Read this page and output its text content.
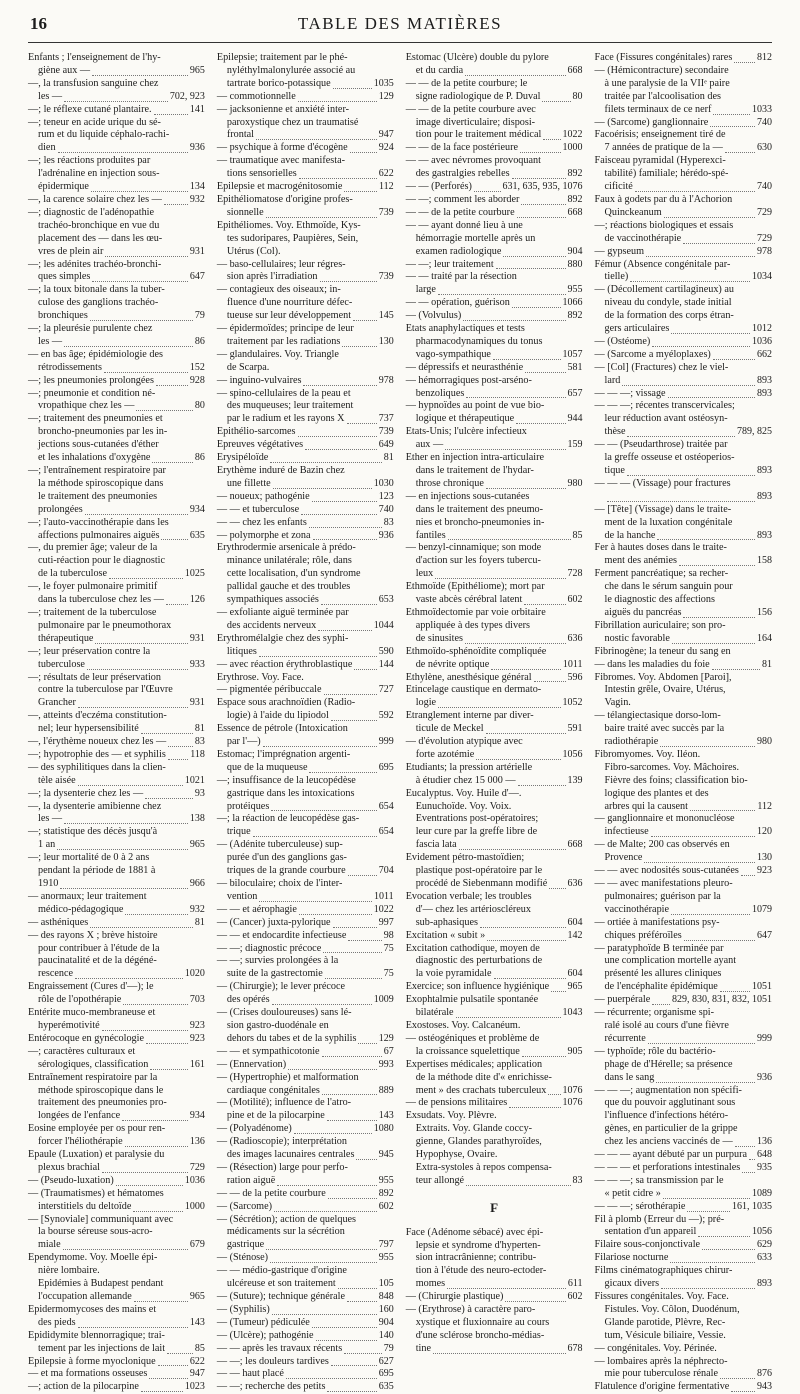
16	TABLE DES MATIÈRES
Enfants ; l'enseignement de l'hy-
giène aux —	965
—, la transfusion sanguine chez
les —	702, 923
—; le réflexe cutané plantaire.	141
—; teneur en acide urique du sé-
rum et du liquide céphalo-rachi-
dien	936
—; les réactions produites par
l'adrénaline en injection sous-
épidermique	134
—, la carence solaire chez les —	932
—; diagnostic de l'adénopathie
trachéo-bronchique en vue du
placement des — dans les œu-
vres de plein air	931
—; les adénites trachéo-bronchi-
ques simples	647
—; la toux bitonale dans la tuber-
culose des ganglions trachéo-
bronchiques	79
—; la pleurésie purulente chez
les —	86
— en bas âge; épidémiologie des
rétrodissements	152
—; les pneumonies prolongées	928
—; pneumonie et condition né-
vropathique chez les —	80
—; traitement des pneumonies et
broncho-pneumonies par les in-
jections sous-cutanées d'éther
et les inhalations d'oxygène	86
—; l'entraînement respiratoire par
la méthode spiroscopique dans
le traitement des pneumonies
prolongées	934
—; l'auto-vaccinothérapie dans les
affections pulmonaires aiguës	635
—, du premier âge; valeur de la
cuti-réaction pour le diagnostic
de la tuberculose	1025
—, le foyer pulmonaire primitif
dans la tuberculose chez les —	126
—; traitement de la tuberculose
pulmonaire par le pneumothorax
thérapeutique	931
—; leur préservation contre la
tuberculose	933
—; résultats de leur préservation
contre la tuberculose par l'Œuvre
Grancher	931
—, atteints d'eczéma constitution-
nel; leur hypersensibilité	81
—, l'érythème noueux chez les —	83
—; hypotrophie des — et syphilis 118
— des syphilitiques dans la clien-
tèle aisée	1021
—; la dysenterie chez les —	93
—, la dysenterie amibienne chez
les —	138
—; statistique des décès jusqu'à
1 an	965
—; leur mortalité de 0 à 2 ans
pendant la période de 1881 à
1910	966
— anormaux; leur traitement
médico-pédagogique	932
— asthéniques	81
— des rayons X ; brève histoire
pour contribuer à l'étude de la
paucinatalité et de la dégéné-
rescence	1020
Engraissement (Cures d'—); le
rôle de l'opothérapie	703
Entérite muco-membraneuse et
hyperémotivité	923
Entérocoque en gynécologie	923
—; caractères culturaux et
sérologiques, classification	161
Entraînement respiratoire par la
méthode spiroscopique dans le
traitement des pneumonies pro-
longées de l'enfance	934
Eosine employée per os pour ren-
forcer l'héliothérapie	136
Epaule (Luxation) et paralysie du
plexus brachial	729
— (Pseudo-luxation)	1036
— (Traumatismes) et hématomes
interstitiels du deltoïde	1000
— [Synoviale] communiquant avec
la bourse séreuse sous-acro-
miale	679
Ependymome. Voy. Moelle épi-
nière lombaire.
Epidémies à Budapest pendant
l'occupation allemande	965
Epidermomycoses des mains et
des pieds	143
Epididymite blennorragique; trai-
tement par les injections de lait	85
Epilepsie à forme myoclonique	622
— et ma formations osseuses	947
—; action de la pilocarpine	1023
Epilepsie; traitement par le phé-
nyléthylmalonylurée associé au
tartrate borico-potassique	1035
— commotionnelle	129
— jacksonienne et anxiété inter-
paroxystique chez un traumatisé
frontal	947
— psychique à forme d'écogène	924
— traumatique avec manifesta-
tions sensorielles	622
Epilepsie et macrogénitosomie	112
Epithéliomatose d'origine profes-
sionnelle	739
Epithéliomes. Voy. Ethmoïde, Kys-
tes sudoripares, Paupières, Sein,
Utérus (Col).
— baso-cellulaires; leur régres-
sion après l'irradiation	739
— contagieux des oiseaux; in-
fluence d'une nourriture défec-
tueuse sur leur développement	145
— épidermoïdes; principe de leur
traitement par les radiations	130
— glandulaires. Voy. Triangle
de Scarpa.
— inguino-vulvaires	978
— spino-cellulaires de la peau et
des muqueuses; leur traitement
par le radium et les rayons X	737
Epithélio-sarcomes	739
Epreuves végétatives	649
Erysipéloïde	81
Erythème induré de Bazin chez
une fillette	1030
— noueux; pathogénie	123
— — et tuberculose	740
— — chez les enfants	83
— polymorphe et zona	936
Erythrodermie arsenicale à prédo-
minance unilatérale; rôle, dans
cette localisation, d'un syndrome
pallidal gauche et des troubles
sympathiques associés	653
— exfoliante aiguë terminée par
des accidents nerveux	1044
Erythromélalgie chez des syphi-
litiques	590
— avec réaction érythroblastique	144
Erythrose. Voy. Face.
— pigmentée péribuccale	727
Espace sous arachnoïdien (Radio-
logie) à l'aide du lipiodol	592
Essence de pétrole (Intoxication
par l'—)	999
Estomac; l'imprégnation argenti-
que de la muqueuse	695
—; insuffisance de la leucopédèse
gastrique dans les intoxications
protéiques	654
—; la réaction de leucopédèse gas-
trique	654
— (Adénite tuberculeuse) sup-
purée d'un des ganglions gas-
triques de la grande courbure	704
— biloculaire; choix de l'inter-
vention	1011
— — et aérophagie	1022
— (Cancer) juxta-pylorique	997
— — et endocardite infectieuse	98
— —; diagnostic précoce	75
— —; survies prolongées à la
suite de la gastrectomie	75
— (Chirurgie); le lever précoce
des opérés	1009
— (Crises douloureuses) sans lé-
sion gastro-duodénale en
dehors du tabes et de la syphilis 129
— — et sympathicotonie	67
— (Ennervation)	993
— (Hypertrophie) et malformation
cardiaque congénitales	889
— (Motilité); influence de l'atro-
pine et de la pilocarpine	143
— (Polyadénome)	1080
— (Radioscopie); interprétation
des images lacunaires centrales 945
— (Résection) large pour perfo-
ration aiguë	955
— — de la petite courbure	892
— (Sarcome)	602
— (Sécrétion); action de quelques
médicaments sur la sécrétion
gastrique	797
— (Sténose)	955
— — médio-gastrique d'origine
ulcéreuse et son traitement	105
— (Suture); technique générale	848
— (Syphilis)	160
— (Tumeur) pédiculée	904
— (Ulcère); pathogénie	140
— — après les travaux récents	79
— —; les douleurs tardives	627
— — haut placé	695
— —; recherche des petits	635
Estomac (Ulcère) double du pylore
et du cardia	668
— — de la petite courbure; le
signe radiologique de P. Duval	80
— — de la petite courbure avec
image diverticulaire; disposi-
tion pour le traitement médical 1022
— — de la face postérieure	1000
— — avec névromes provoquant
des gastralgies rebelles	892
— — (Perforés)	631, 635, 935, 1076
— —; comment les aborder	892
— — de la petite courbure	668
— — ayant donné lieu à une
hémorragie mortelle après un
examen radiologique	904
— —; leur traitement	880
— — traité par la résection
large	955
— — opération, guérison	1066
— (Volvulus)	892
Etats anaphylactiques et tests
pharmacodynamiques du tonus
vago-sympathique	1057
— dépressifs et neurasthénie	581
— hémorragiques post-arséno-
benzoliques	657
— hypnoïdes au point de vue bio-
logique et thérapeutique	944
Etats-Unis; l'ulcère infectieux
aux —	159
Ether en injection intra-articulaire
dans le traitement de l'hydar-
throse chronique	980
— en injections sous-cutanées
dans le traitement des pneumo-
nies et broncho-pneumonies in-
fantiles	85
— benzyl-cinnamique; son mode
d'action sur les foyers tubercu-
leux	728
Ethmoïde (Epithéliome); mort par
vaste abcès cérébral latent	602
Ethmoïdectomie par voie orbitaire
appliquée à des types divers
de sinusites	636
Ethmoïdo-sphénoïdite compliquée
de névrite optique	1011
Ethylène, anesthésique général	596
Etincelage caustique en dermato-
logie	1052
Etranglement interne par diver-
ticule de Meckel	591
— d'évolution atypique avec
forte azotémie	1056
Etudiants; la pression artérielle
à étudier chez 15 000 —	139
Eucalyptus. Voy. Huile d'—.
Eunuchoïde. Voy. Voix.
Eventrations post-opératoires;
leur cure par la greffe libre de
fascia lata	668
Evidement pétro-mastoïdien;
plastique post-opératoire par le
procédé de Siebenmann modifié 636
Evocation verbale; les troubles
d'— chez les artérioscléreux
sub-aphasiques	604
Excitation « subit »	142
Excitation cathodique, moyen de
diagnostic des perturbations de
la voie pyramidale	604
Exercice; son influence hygiénique 965
Exophtalmie pulsatile spontanée
bilatérale	1043
Exostoses. Voy. Calcanéum.
— ostéogéniques et problème de
la croissance squelettique	905
Expertises médicales; application
de la méthode dite d'« enrichisse-
ment » des crachats tuberculeux 1076
— de pensions militaires	1076
Exsudats. Voy. Plèvre.
Extraits. Voy. Glande coccy-
gienne, Glandes parathyroïdes,
Hypophyse, Ovaire.
Extra-systoles à repos compensa-
teur allongé	83
F
Face (Adénome sébacé) avec épi-
lepsie et syndrome d'hyperten-
sion intracrânienne; contribu-
tion à l'étude des neuro-ectoder-
momes	611
— (Chirurgie plastique)	602
— (Erythrose) à caractère paro-
xystique et fluxionnaire au cours
d'une sclérose broncho-médias-
tine	678
Face (Fissures congénitales) rares 812
— (Hémicontracture) secondaire
à une paralysie de la VIIᵉ paire
traitée par l'alcoolisation des
filets terminaux de ce nerf	1033
— (Sarcome) ganglionnaire	740
Facoérisis; enseignement tiré de
7 années de pratique de la —	630
Faisceau pyramidal (Hyperexci-
tabilité) familiale; hérédo-spé-
cificité	740
Faux à godets par du à l'Achorion
Quinckeanum	729
—; réactions biologiques et essais
de vaccinothérapie	729
— gypseum	978
Fémur (Absence congénitale par-
tielle)	1034
— (Décollement cartilagineux) au
niveau du condyle, stade initial
de la formation des corps étran-
gers articulaires	1012
— (Ostéome)	1036
— (Sarcome a myéloplaxes)	662
— [Col] (Fractures) chez le viel-
lard	893
— — —; vissage	893
— — —; récentes transcervicales;
leur réduction avant ostéosyn-
thèse	789, 825
— — (Pseudarthrose) traitée par
la greffe osseuse et ostéoperios-
tique	893
— — — (Vissage) pour fractures
893
— [Tête] (Vissage) dans le traite-
ment de la luxation congénitale
de la hanche	893
Fer à hautes doses dans le traite-
ment des anémies	158
Ferment pancréatique; sa recher-
che dans le sérum sanguin pour
le diagnostic des affections
aiguës du pancréas	156
Fibrillation auriculaire; son pro-
nostic favorable	164
Fibrinogène; la teneur du sang en
— dans les maladies du foie	81
Fibromes. Voy. Abdomen [Paroi],
Intestin grêle, Ovaire, Utérus,
Vagin.
— télangiectasique dorso-lom-
baire traité avec succès par la
radiothérapie	980
Fibromyomes. Voy. Iléon.
Fibro-sarcomes. Voy. Mâchoires.
Fièvre des foins; classification bio-
logique des plantes et des
arbres qui la causent	112
— ganglionnaire et mononucléose
infectieuse	120
— de Malte; 200 cas observés en
Provence	130
— — avec nodosités sous-cutanées 923
— — avec manifestations pleuro-
pulmonaires; guérison par la
vaccinothérapie	1079
— ortiée à manifestations psy-
chiques préféroïles	647
— paratyphoïde B terminée par
une complication mortelle ayant
présenté les allures cliniques
de l'encéphalite épidémique	1051
— puerpérale 829, 830, 831, 832, 1051
— récurrente; organisme spi-
ralé isolé au cours d'une fièvre
récurrente	999
— typhoïde; rôle du bactério-
phage de d'Hérelle; sa présence
dans le sang	936
— — —; augmentation non spécifi-
que du pouvoir agglutinant sous
l'influence d'infections hétéro-
gènes, en particulier de la grippe
chez les anciens vaccinés de — 136
— — — ayant débuté par un purpura 648
— — — et perforations intestinales 935
— — —; sa transmission par le
« petit cidre »	1089
— — —; sérothérapie	161, 1035
Fil à plomb (Erreur du —); pré-
sentation d'un appareil	1056
Filaire sous-conjonctivale	629
Filariose nocturne	633
Films cinématographiques chirur-
gicaux divers	893
Fissures congénitales. Voy. Face.
Fistules. Voy. Côlon, Duodénum,
Glande parotide, Plèvre, Rec-
tum, Vésicule biliaire, Vessie.
— congénitales. Voy. Périnée.
— lombaires après la néphrecto-
mie pour tuberculose rénale	876
Flatulence d'origine fermentative	943
